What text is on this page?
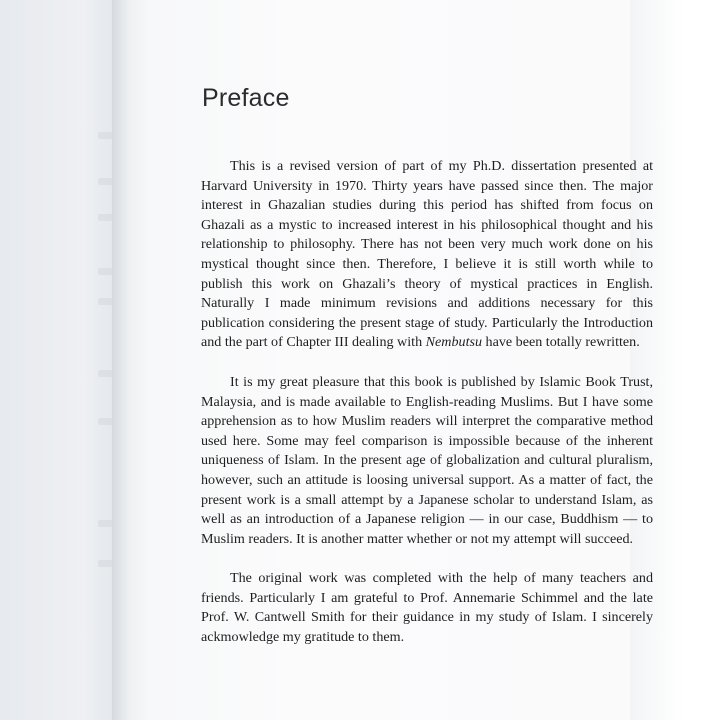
Preface

This is a revised version of part of my Ph.D. dissertation presented at Harvard University in 1970. Thirty years have passed since then. The major interest in Ghazalian studies during this period has shifted from focus on Ghazali as a mystic to increased interest in his philosophical thought and his relationship to philosophy. There has not been very much work done on his mystical thought since then. Therefore, I believe it is still worth while to publish this work on Ghazali’s theory of mystical practices in English. Naturally I made minimum revisions and additions necessary for this publication considering the present stage of study. Particularly the Introduction and the part of Chapter III dealing with Nembutsu have been totally rewritten.

It is my great pleasure that this book is published by Islamic Book Trust, Malaysia, and is made available to English-reading Muslims. But I have some apprehension as to how Muslim readers will interpret the comparative method used here. Some may feel comparison is impossible because of the inherent uniqueness of Islam. In the present age of globalization and cultural pluralism, however, such an attitude is loosing universal support. As a matter of fact, the present work is a small attempt by a Japanese scholar to understand Islam, as well as an introduction of a Japanese religion — in our case, Buddhism — to Muslim readers. It is another matter whether or not my attempt will succeed.

The original work was completed with the help of many teachers and friends. Particularly I am grateful to Prof. Annemarie Schimmel and the late Prof. W. Cantwell Smith for their guidance in my study of Islam. I sincerely ackmowledge my gratitude to them.
